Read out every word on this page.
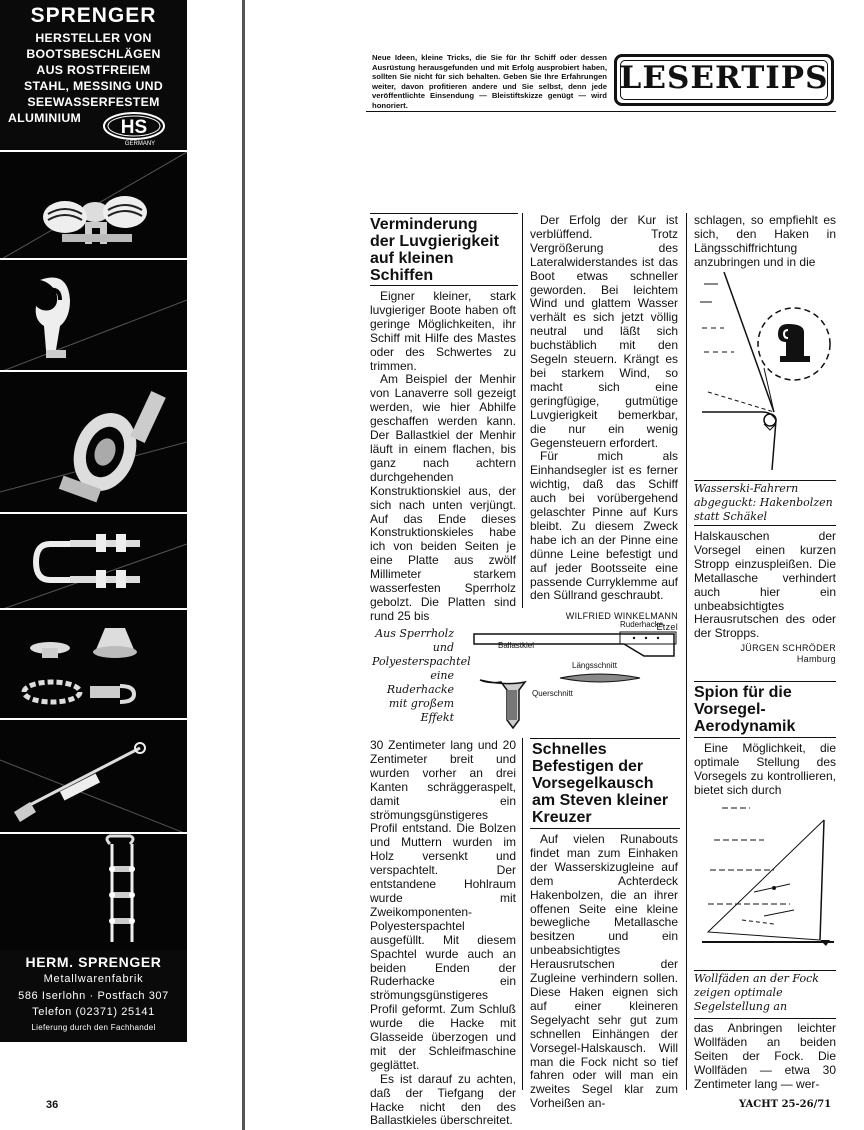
SPRENGER
HERSTELLER VON
BOOTSBESCHLÄGEN
AUS ROSTFREIEM
STAHL, MESSING UND
SEEWASSERFESTEM
ALUMINIUM	HS
GERMANY
HERM. SPRENGER
Metallwarenfabrik
586 Iserlohn · Postfach 307
Telefon (02371) 25141
Lieferung durch den Fachhandel
36
Neue Ideen, kleine Tricks, die Sie für Ihr Schiff oder dessen Ausrüstung herausgefunden und mit Erfolg ausprobiert haben, sollten Sie nicht für sich behalten. Geben Sie Ihre Erfahrungen weiter, davon profitieren andere und Sie selbst, denn jede veröffentlichte Einsendung — Bleistiftskizze genügt — wird honoriert.
LESERTIPS
Verminderung
der Luvgierigkeit
auf kleinen
Schiffen

Eigner kleiner, stark luvgieriger Boote haben oft geringe Möglichkeiten, ihr Schiff mit Hilfe des Mastes oder des Schwertes zu trimmen.

Am Beispiel der Menhir von Lanaverre soll gezeigt werden, wie hier Abhilfe geschaffen werden kann. Der Ballastkiel der Menhir läuft in einem flachen, bis ganz nach achtern durchgehenden Konstruktionskiel aus, der sich nach unten verjüngt. Auf das Ende dieses Konstruktionskieles habe ich von beiden Seiten je eine Platte aus zwölf Millimeter starkem wasserfesten Sperrholz gebolzt. Die Platten sind rund 25 bis

Der Erfolg der Kur ist verblüffend. Trotz Vergrößerung des Lateralwiderstandes ist das Boot etwas schneller geworden. Bei leichtem Wind und glattem Wasser verhält es sich jetzt völlig neutral und läßt sich buchstäblich mit den Segeln steuern. Krängt es bei starkem Wind, so macht sich eine geringfügige, gutmütige Luvgierigkeit bemerkbar, die nur ein wenig Gegensteuern erfordert.

Für mich als Einhandsegler ist es ferner wichtig, daß das Schiff auch bei vorübergehend gelaschter Pinne auf Kurs bleibt. Zu diesem Zweck habe ich an der Pinne eine dünne Leine befestigt und auf jeder Bootsseite eine passende Curryklemme auf den Süllrand geschraubt.

WILFRIED WINKELMANN
Etzel
Aus Sperrholz und Polyesterspachtel eine Ruderhacke mit großem Effekt
Ruderhacke
Ballastkiel
Längsschnitt
Querschnitt

30 Zentimeter lang und 20 Zentimeter breit und wurden vorher an drei Kanten schräggeraspelt, damit ein strömungsgünstigeres Profil entstand. Die Bolzen und Muttern wurden im Holz versenkt und verspachtelt. Der entstandene Hohlraum wurde mit Zweikomponenten-Polyesterspachtel ausgefüllt. Mit diesem Spachtel wurde auch an beiden Enden der Ruderhacke ein strömungsgünstigeres Profil geformt. Zum Schluß wurde die Hacke mit Glasseide überzogen und mit der Schleifmaschine geglättet.

Es ist darauf zu achten, daß der Tiefgang der Hacke nicht den des Ballastkieles überschreitet.

Schnelles
Befestigen der
Vorsegelkausch
am Steven kleiner
Kreuzer

Auf vielen Runabouts findet man zum Einhaken der Wasserskizugleine auf dem Achterdeck Hakenbolzen, die an ihrer offenen Seite eine kleine bewegliche Metallasche besitzen und ein unbeabsichtigtes Herausrutschen der Zugleine verhindern sollen. Diese Haken eignen sich auf einer kleineren Segelyacht sehr gut zum schnellen Einhängen der Vorsegel-Halskausch. Will man die Fock nicht so tief fahren oder will man ein zweites Segel klar zum Vorheißen an-

schlagen, so empfiehlt es sich, den Haken in Längsschiffrichtung anzubringen und in die

Wasserski-Fahrern abgeguckt: Hakenbolzen statt Schäkel

Halskauschen der Vorsegel einen kurzen Stropp einzuspleißen. Die Metallasche verhindert auch hier ein unbeabsichtigtes Herausrutschen des oder der Stropps.

JÜRGEN SCHRÖDER
Hamburg
Spion für die
Vorsegel-
Aerodynamik

Eine Möglichkeit, die optimale Stellung des Vorsegels zu kontrollieren, bietet sich durch

Wollfäden an der Fock zeigen optimale Segelstellung an

das Anbringen leichter Wollfäden an beiden Seiten der Fock. Die Wollfäden — etwa 30 Zentimeter lang — wer-

YACHT 25-26/71
